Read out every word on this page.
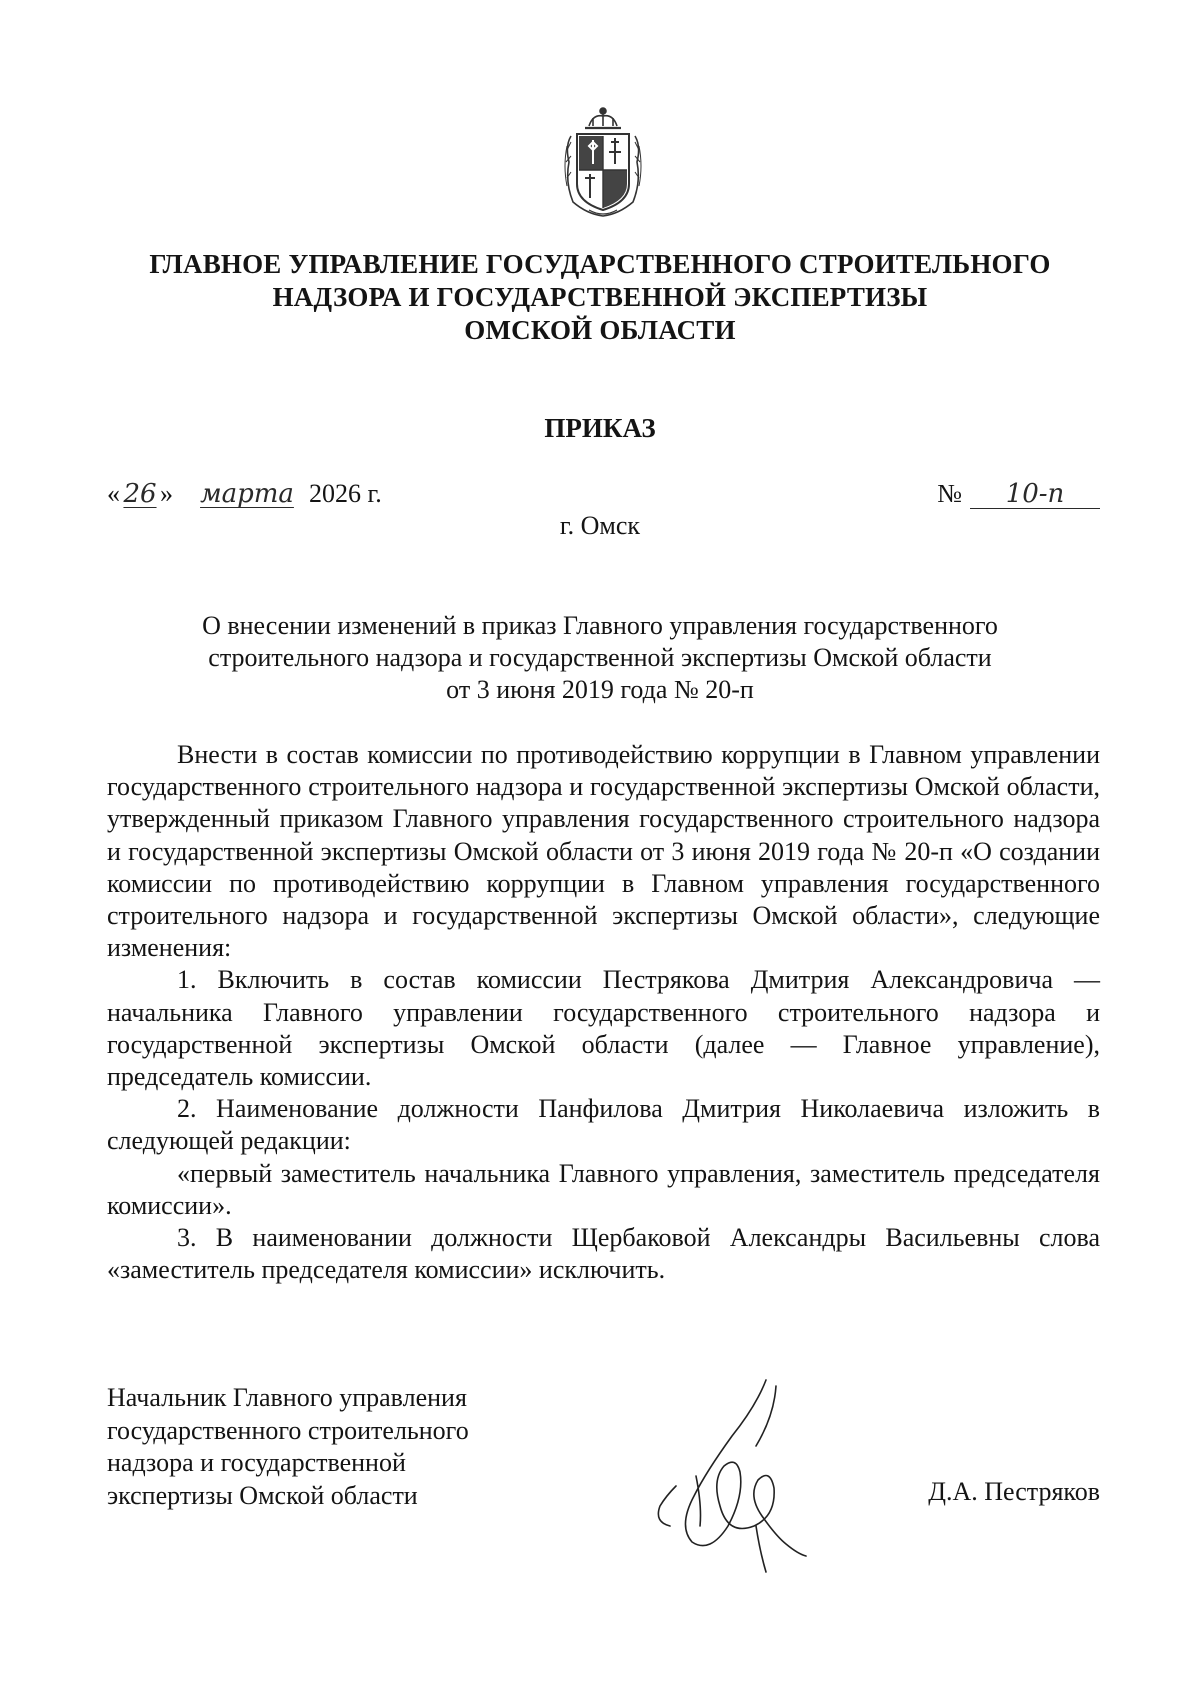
ГЛАВНОЕ УПРАВЛЕНИЕ ГОСУДАРСТВЕННОГО СТРОИТЕЛЬНОГО
НАДЗОРА И ГОСУДАРСТВЕННОЙ ЭКСПЕРТИЗЫ
ОМСКОЙ ОБЛАСТИ
ПРИКАЗ
« 26 » марта 2026 г.	№ 10-п
г. Омск
О внесении изменений в приказ Главного управления государственного
строительного надзора и государственной экспертизы Омской области
от 3 июня 2019 года № 20-п

Внести в состав комиссии по противодействию коррупции в Главном управлении государственного строительного надзора и государственной экспертизы Омской области, утвержденный приказом Главного управления государственного строительного надзора и государственной экспертизы Омской области от 3 июня 2019 года № 20-п «О создании комиссии по противодействию коррупции в Главном управления государственного строительного надзора и государственной экспертизы Омской области», следующие изменения:

1. Включить в состав комиссии Пестрякова Дмитрия Александровича — начальника Главного управлении государственного строительного надзора и государственной экспертизы Омской области (далее — Главное управление), председатель комиссии.

2. Наименование должности Панфилова Дмитрия Николаевича изложить в следующей редакции:

«первый заместитель начальника Главного управления, заместитель председателя комиссии».

3. В наименовании должности Щербаковой Александры Васильевны слова «заместитель председателя комиссии» исключить.

Начальник Главного управления
государственного строительного
надзора и государственной
экспертизы Омской области	Д.А. Пестряков
